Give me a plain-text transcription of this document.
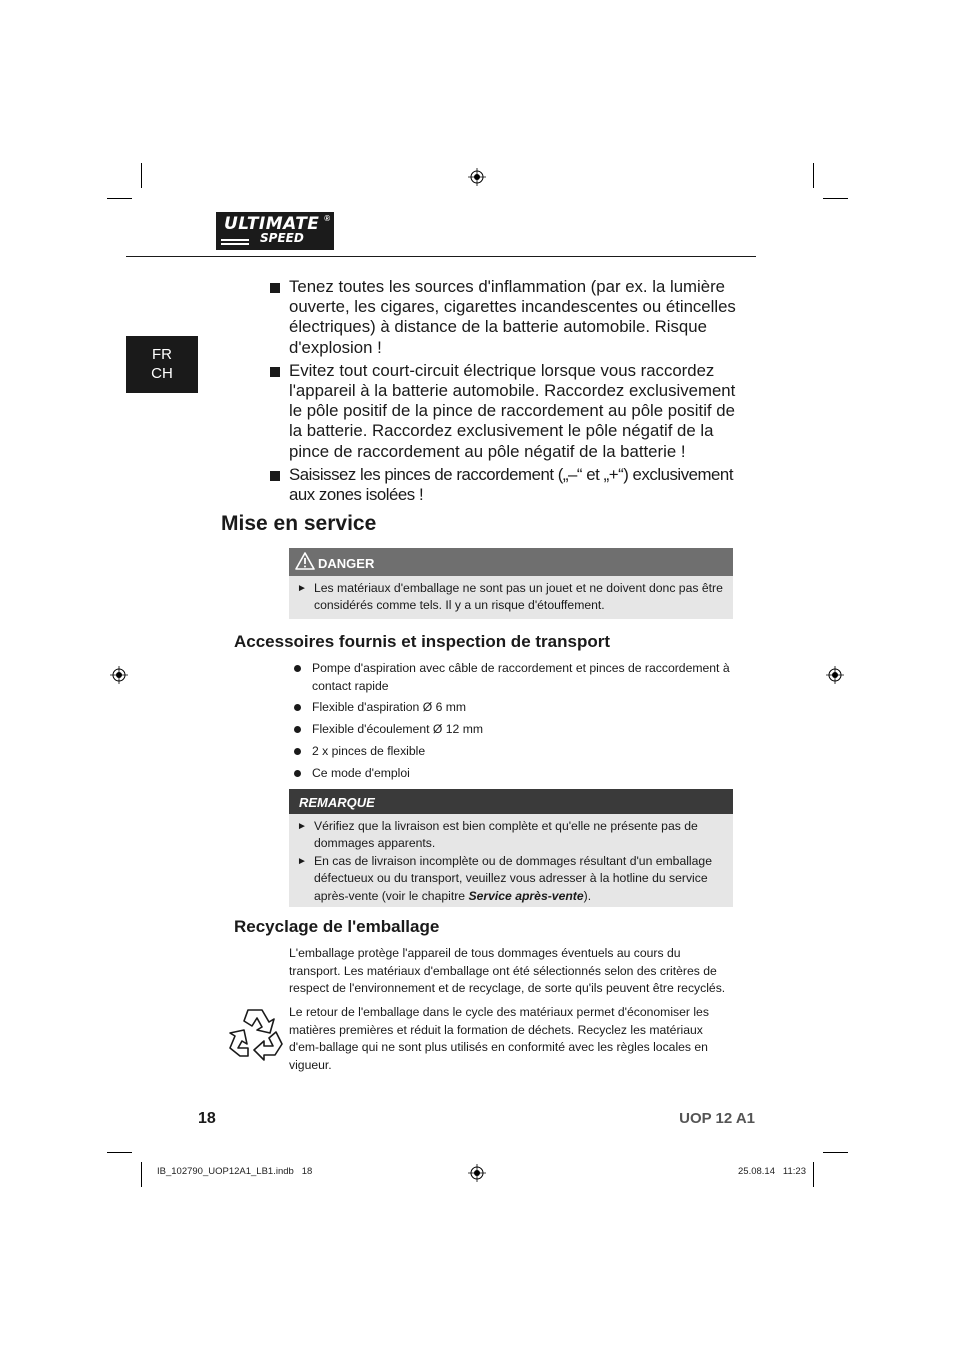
ULTIMATE
SPEED
®
FR
CH
Tenez toutes les sources d'inflammation (par ex. la lumière ouverte, les cigares, cigarettes incandescentes ou étincelles électriques) à distance de la batterie automobile. Risque d'explosion !
Evitez tout court-circuit électrique lorsque vous raccordez l'appareil à la batterie automobile. Raccordez exclusivement le pôle positif de la pince de raccordement au pôle positif de la batterie. Raccordez exclusivement le pôle négatif de la pince de raccordement au pôle négatif de la batterie !
Saisissez les pinces de raccordement („–“ et „+“) exclusivement aux zones isolées !
Mise en service
DANGER
► Les matériaux d'emballage ne sont pas un jouet et ne doivent donc pas être considérés comme tels. Il y a un risque d'étouffement.
Accessoires fournis et inspection de transport
Pompe d'aspiration avec câble de raccordement et pinces de raccordement à contact rapide
Flexible d'aspiration Ø 6 mm
Flexible d'écoulement Ø 12 mm
2 x pinces de flexible
Ce mode d'emploi
REMARQUE
► Vérifiez que la livraison est bien complète et qu'elle ne présente pas de dommages apparents.
► En cas de livraison incomplète ou de dommages résultant d'un emballage défectueux ou du transport, veuillez vous adresser à la hotline du service après-vente (voir le chapitre Service après-vente).
Recyclage de l'emballage

L'emballage protège l'appareil de tous dommages éventuels au cours du transport. Les matériaux d'emballage ont été sélectionnés selon des critères de respect de l'environnement et de recyclage, de sorte qu'ils peuvent être recyclés.

Le retour de l'emballage dans le cycle des matériaux permet d'économiser les matières premières et réduit la formation de déchets. Recyclez les matériaux d'em-ballage qui ne sont plus utilisés en conformité avec les règles locales en vigueur.

18	UOP 12 A1
IB_102790_UOP12A1_LB1.indb 18	25.08.14 11:23
